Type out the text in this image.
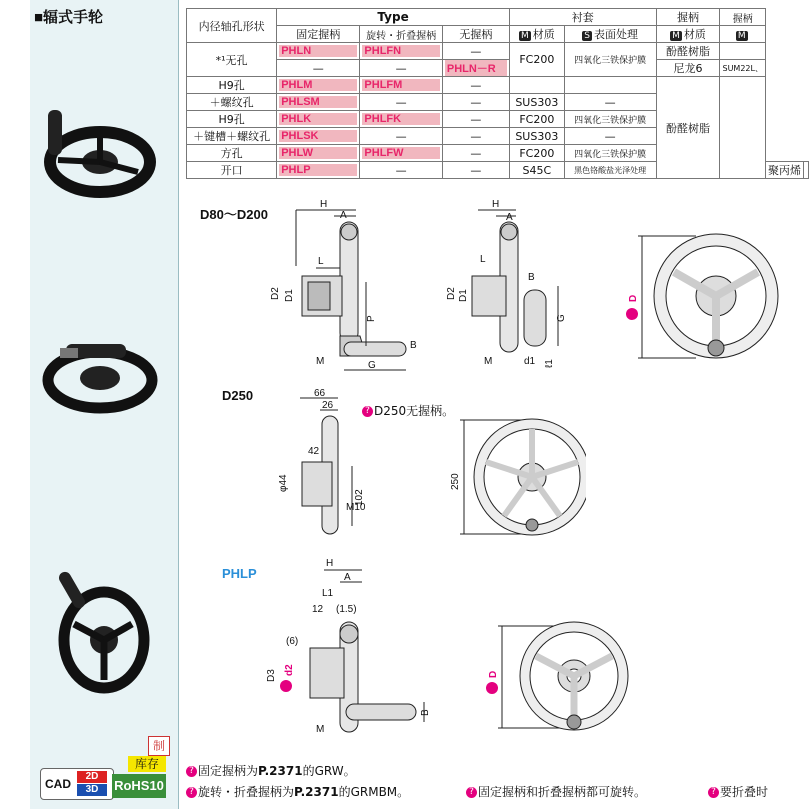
■辐式手轮
制
库存
CAD
2D
3D	RoHS10
内径轴孔形状	Type			衬套		握柄	握柄		
	固定握柄	旋转・折叠握柄	无握柄	M 材质	S 表面处理	M 材质	M		
*¹无孔	PHLN	PHLFN	—	FC200	四氧化三铁保护膜	酚醛树脂			
	—	—	PHLN－R			尼龙6	SUM22L、		
H9孔	PHLM	PHLFM	—			酚醛树脂			
＋螺纹孔	PHLSM	—	—	SUS303	—				
H9孔	PHLK	PHLFK	—	FC200	四氧化三铁保护膜				
＋键槽＋螺纹孔	PHLSK	—	—	SUS303	—				
方孔	PHLW	PHLFW	—	FC200	四氧化三铁保护膜				
开口	PHLP	—	—	S45C	黑色铬酸盐光泽处理			聚丙烯	
D80～D200
D250
? D250无握柄。
PHLP
H
A
L
D2 D1
P
B
M	G
H
A
L
B
D2 D1
G
M	d1 ℓ1
D
66
26
42
φ44
102
M10
250
H
A
L1
12 (1.5)
(6)
D3 d2
M
B
D
? 固定握柄为P.2371的GRW。
? 旋转・折叠握柄为P.2371的GRMBM。	? 固定握柄和折叠握柄都可旋转。	? 要折叠时
